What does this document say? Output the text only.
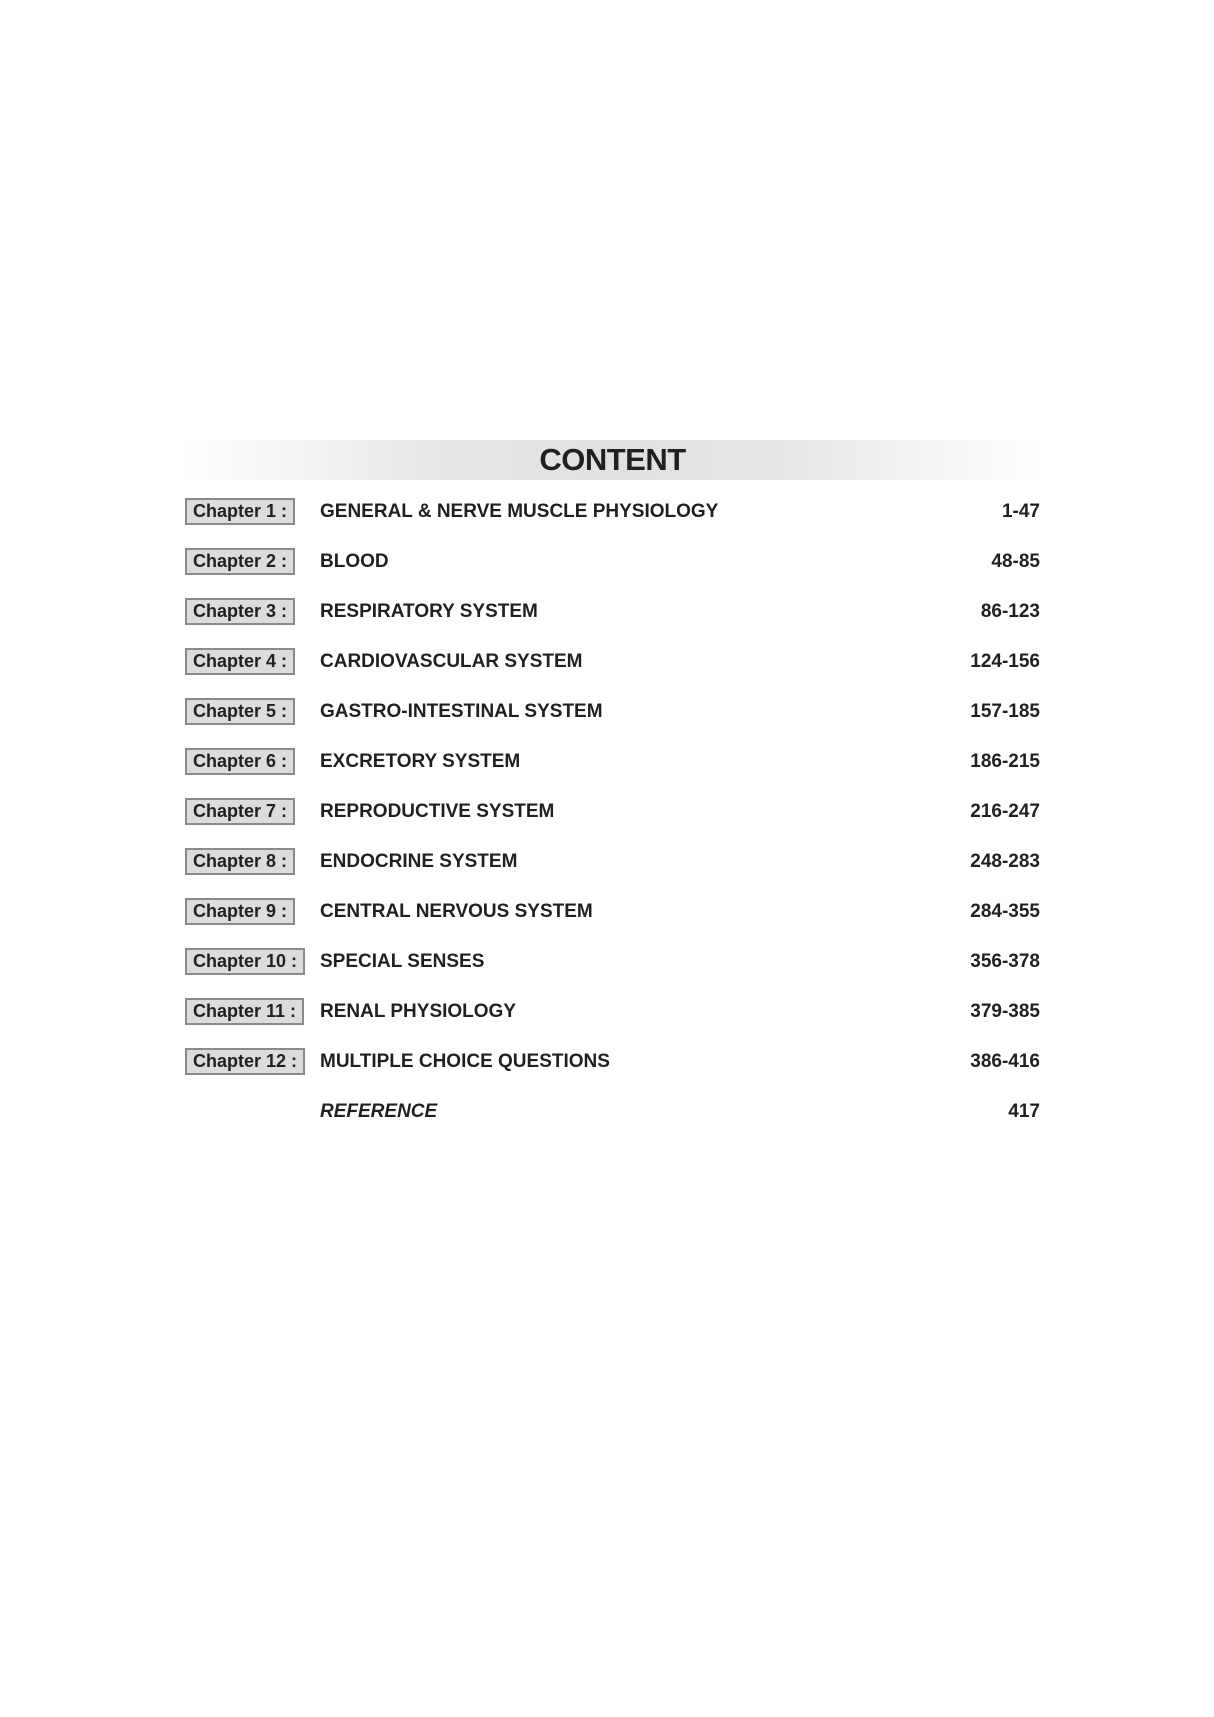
CONTENT
Chapter 1 :	GENERAL & NERVE MUSCLE PHYSIOLOGY	1-47
Chapter 2 :	BLOOD	48-85
Chapter 3 :	RESPIRATORY SYSTEM	86-123
Chapter 4 :	CARDIOVASCULAR SYSTEM	124-156
Chapter 5 :	GASTRO-INTESTINAL SYSTEM	157-185
Chapter 6 :	EXCRETORY SYSTEM	186-215
Chapter 7 :	REPRODUCTIVE SYSTEM	216-247
Chapter 8 :	ENDOCRINE SYSTEM	248-283
Chapter 9 :	CENTRAL NERVOUS SYSTEM	284-355
Chapter 10 :	SPECIAL SENSES	356-378
Chapter 11 :	RENAL PHYSIOLOGY	379-385
Chapter 12 :	MULTIPLE CHOICE QUESTIONS	386-416
REFERENCE	417
